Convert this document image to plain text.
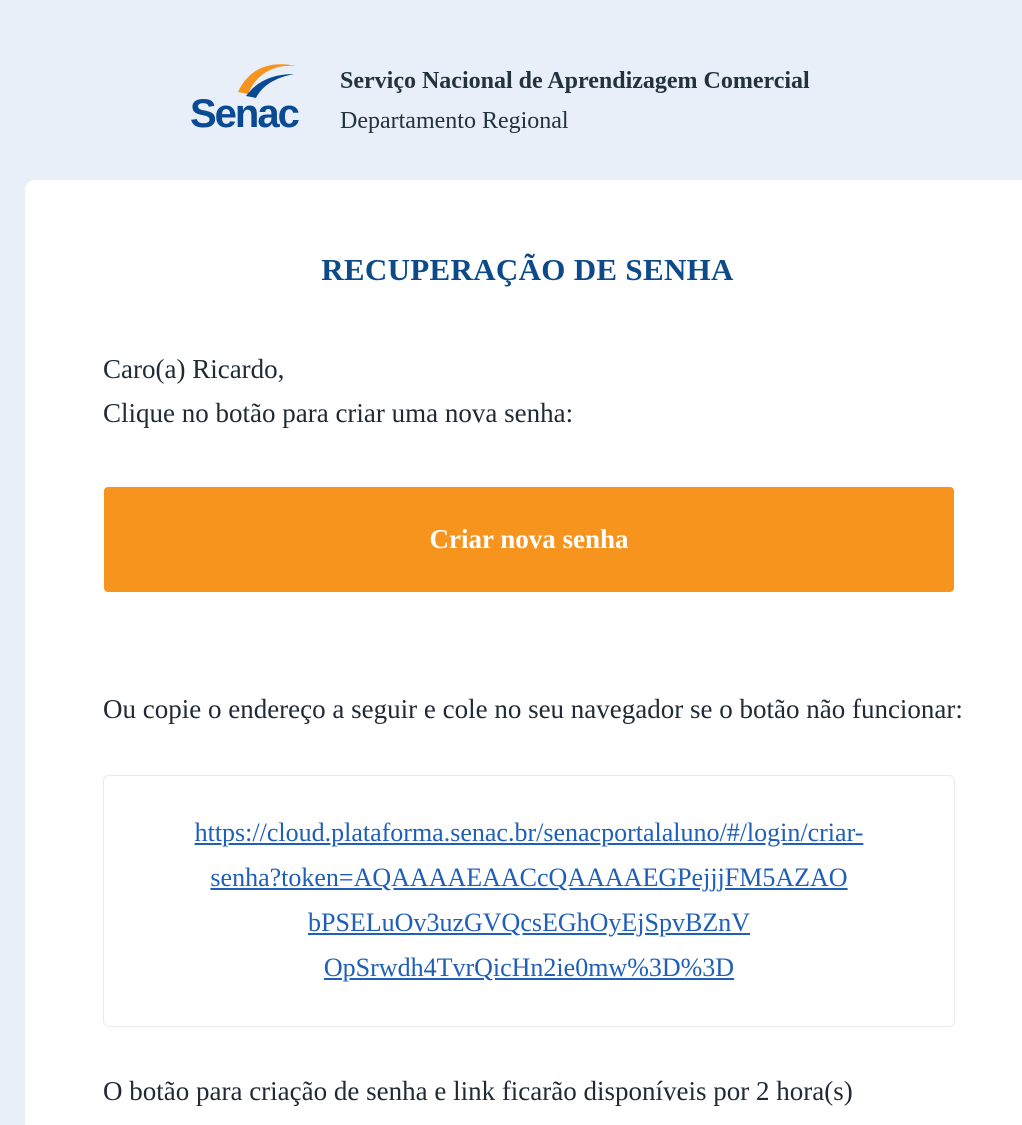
Senac
Serviço Nacional de Aprendizagem Comercial
Departamento Regional
RECUPERAÇÃO DE SENHA
Caro(a) Ricardo,
Clique no botão para criar uma nova senha:
Criar nova senha
Ou copie o endereço a seguir e cole no seu navegador se o botão não funcionar:
https://cloud.plataforma.senac.br/senacportalaluno/#/login/criar-
senha?token=AQAAAAEAACcQAAAAEGPejjjFM5AZAO
bPSELuOv3uzGVQcsEGhOyEjSpvBZnV
OpSrwdh4TvrQicHn2ie0mw%3D%3D
O botão para criação de senha e link ficarão disponíveis por 2 hora(s)
